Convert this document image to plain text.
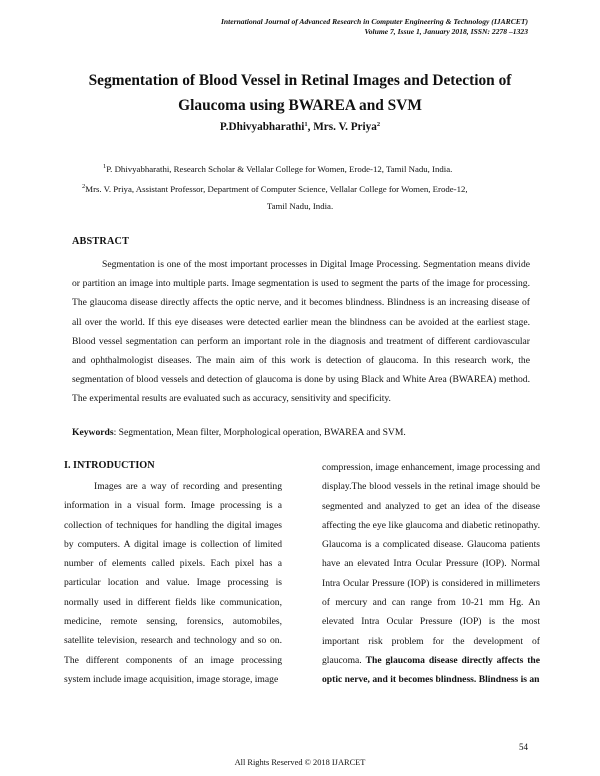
International Journal of Advanced Research in Computer Engineering & Technology (IJARCET)
Volume 7, Issue 1, January 2018, ISSN: 2278 –1323
Segmentation of Blood Vessel in Retinal Images and Detection of Glaucoma using BWAREA and SVM
P.Dhivyabharathi$^1$, Mrs. V. Priya$^2$
$^1$P. Dhivyabharathi, Research Scholar & Vellalar College for Women, Erode-12, Tamil Nadu, India.
$^2$Mrs. V. Priya, Assistant Professor, Department of Computer Science, Vellalar College for Women, Erode-12,
Tamil Nadu, India.
ABSTRACT
Segmentation is one of the most important processes in Digital Image Processing. Segmentation means divide or partition an image into multiple parts. Image segmentation is used to segment the parts of the image for processing. The glaucoma disease directly affects the optic nerve, and it becomes blindness. Blindness is an increasing disease of all over the world. If this eye diseases were detected earlier mean the blindness can be avoided at the earliest stage. Blood vessel segmentation can perform an important role in the diagnosis and treatment of different cardiovascular and ophthalmologist diseases. The main aim of this work is detection of glaucoma. In this research work, the segmentation of blood vessels and detection of glaucoma is done by using Black and White Area (BWAREA) method. The experimental results are evaluated such as accuracy, sensitivity and specificity.
Keywords: Segmentation, Mean filter, Morphological operation, BWAREA and SVM.
I. INTRODUCTION
Images are a way of recording and presenting information in a visual form. Image processing is a collection of techniques for handling the digital images by computers. A digital image is collection of limited number of elements called pixels. Each pixel has a particular location and value. Image processing is normally used in different fields like communication, medicine, remote sensing, forensics, automobiles, satellite television, research and technology and so on. The different components of an image processing system include image acquisition, image storage, image
compression, image enhancement, image processing and display.The blood vessels in the retinal image should be segmented and analyzed to get an idea of the disease affecting the eye like glaucoma and diabetic retinopathy. Glaucoma is a complicated disease. Glaucoma patients have an elevated Intra Ocular Pressure (IOP). Normal Intra Ocular Pressure (IOP) is considered in millimeters of mercury and can range from 10-21 mm Hg. An elevated Intra Ocular Pressure (IOP) is the most important risk problem for the development of glaucoma. The glaucoma disease directly affects the optic nerve, and it becomes blindness. Blindness is an
54
All Rights Reserved © 2018 IJARCET
